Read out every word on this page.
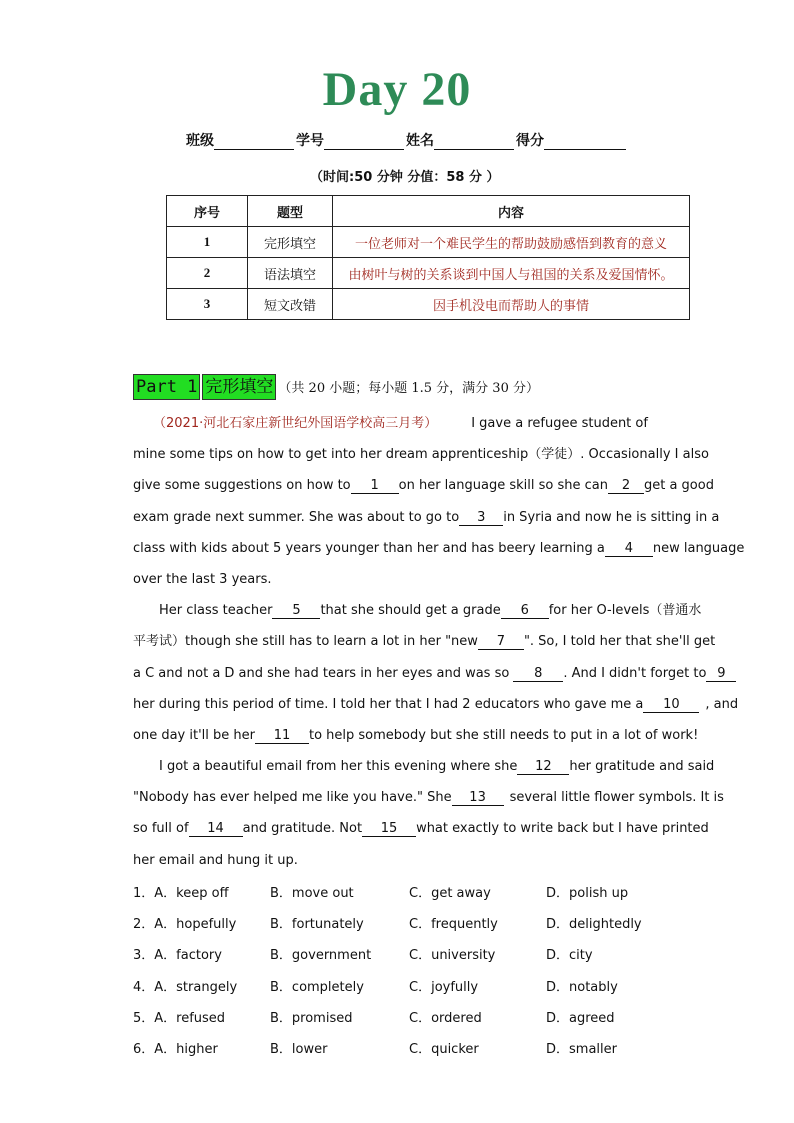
Day 20
班级	学号	姓名	得分
（时间:50 分钟 分值：58 分 ）
序号	题型	内容
1	完形填空	一位老师对一个难民学生的帮助鼓励感悟到教育的意义
2	语法填空	由树叶与树的关系谈到中国人与祖国的关系及爱国情怀。
3	短文改错	因手机没电而帮助人的事情
Part 1 完形填空 （共 20 小题；每小题 1.5 分，满分 30 分）
（2021·河北石家庄新世纪外国语学校高三月考）	I gave a refugee student of
mine some tips on how to get into her dream apprenticeship（学徒）. Occasionally I also
give some suggestions on how to 1 on her language skill so she can 2 get a good
exam grade next summer. She was about to go to 3 in Syria and now he is sitting in a
class with kids about 5 years younger than her and has beery learning a 4 new language
over the last 3 years.
Her class teacher 5 that she should get a grade 6 for her O-levels（普通水
平考试）though she still has to learn a lot in her "new 7 ". So, I told her that she'll get
a C and not a D and she had tears in her eyes and was so 8 . And I didn't forget to 9
her during this period of time. I told her that I had 2 educators who gave me a 10 , and
one day it'll be her 11 to help somebody but she still needs to put in a lot of work!
I got a beautiful email from her this evening where she 12 her gratitude and said
"Nobody has ever helped me like you have." She 13 several little flower symbols. It is
so full of 14 and gratitude. Not 15 what exactly to write back but I have printed
her email and hung it up.
1．A．keep off	B．move out	C．get away	D．polish up
2．A．hopefully	B．fortunately	C．frequently	D．delightedly
3．A．factory	B．government	C．university	D．city
4．A．strangely	B．completely	C．joyfully	D．notably
5．A．refused	B．promised	C．ordered	D．agreed
6．A．higher	B．lower	C．quicker	D．smaller
